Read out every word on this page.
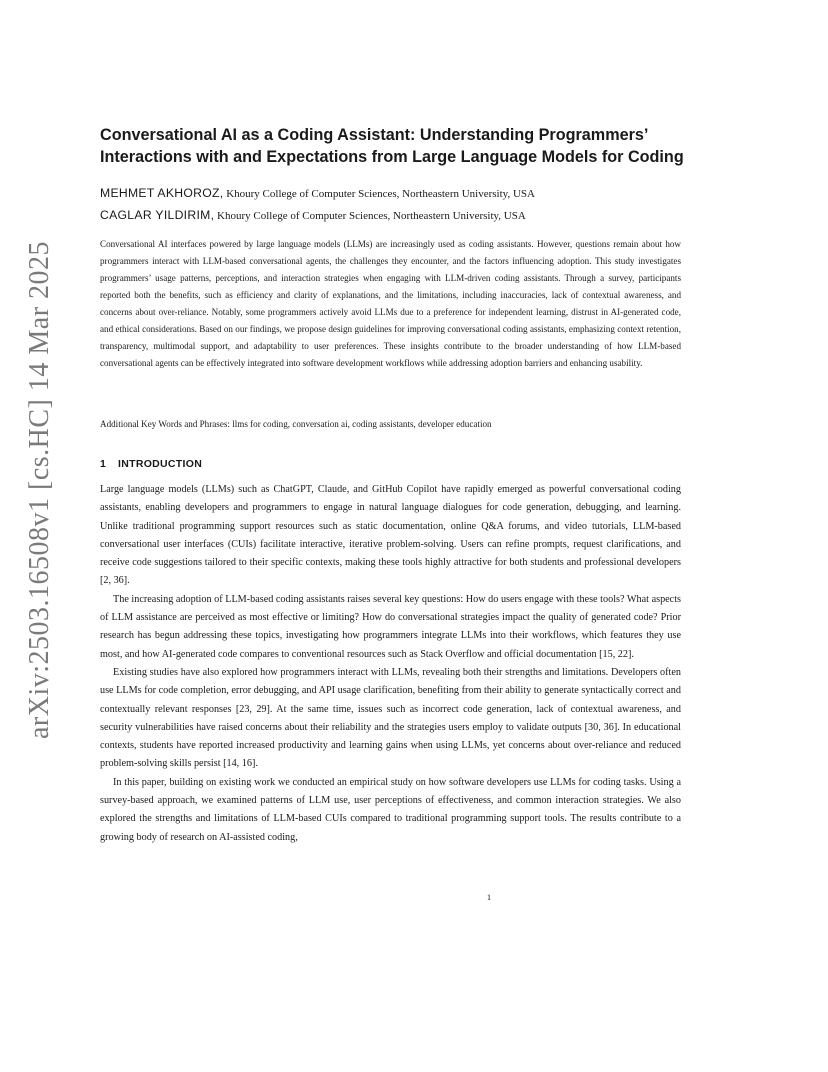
arXiv:2503.16508v1 [cs.HC] 14 Mar 2025
Conversational AI as a Coding Assistant: Understanding Programmers’ Interactions with and Expectations from Large Language Models for Coding
MEHMET AKHOROZ, Khoury College of Computer Sciences, Northeastern University, USA
CAGLAR YILDIRIM, Khoury College of Computer Sciences, Northeastern University, USA

Conversational AI interfaces powered by large language models (LLMs) are increasingly used as coding assistants. However, questions remain about how programmers interact with LLM-based conversational agents, the challenges they encounter, and the factors influencing adoption. This study investigates programmers’ usage patterns, perceptions, and interaction strategies when engaging with LLM-driven coding assistants. Through a survey, participants reported both the benefits, such as efficiency and clarity of explanations, and the limitations, including inaccuracies, lack of contextual awareness, and concerns about over-reliance. Notably, some programmers actively avoid LLMs due to a preference for independent learning, distrust in AI-generated code, and ethical considerations. Based on our findings, we propose design guidelines for improving conversational coding assistants, emphasizing context retention, transparency, multimodal support, and adaptability to user preferences. These insights contribute to the broader understanding of how LLM-based conversational agents can be effectively integrated into software development workflows while addressing adoption barriers and enhancing usability.

Additional Key Words and Phrases: llms for coding, conversation ai, coding assistants, developer education

1 INTRODUCTION

Large language models (LLMs) such as ChatGPT, Claude, and GitHub Copilot have rapidly emerged as powerful conversational coding assistants, enabling developers and programmers to engage in natural language dialogues for code generation, debugging, and learning. Unlike traditional programming support resources such as static documentation, online Q&A forums, and video tutorials, LLM-based conversational user interfaces (CUIs) facilitate interactive, iterative problem-solving. Users can refine prompts, request clarifications, and receive code suggestions tailored to their specific contexts, making these tools highly attractive for both students and professional developers [2, 36].

The increasing adoption of LLM-based coding assistants raises several key questions: How do users engage with these tools? What aspects of LLM assistance are perceived as most effective or limiting? How do conversational strategies impact the quality of generated code? Prior research has begun addressing these topics, investigating how programmers integrate LLMs into their workflows, which features they use most, and how AI-generated code compares to conventional resources such as Stack Overflow and official documentation [15, 22].

Existing studies have also explored how programmers interact with LLMs, revealing both their strengths and limitations. Developers often use LLMs for code completion, error debugging, and API usage clarification, benefiting from their ability to generate syntactically correct and contextually relevant responses [23, 29]. At the same time, issues such as incorrect code generation, lack of contextual awareness, and security vulnerabilities have raised concerns about their reliability and the strategies users employ to validate outputs [30, 36]. In educational contexts, students have reported increased productivity and learning gains when using LLMs, yet concerns about over-reliance and reduced problem-solving skills persist [14, 16].

In this paper, building on existing work we conducted an empirical study on how software developers use LLMs for coding tasks. Using a survey-based approach, we examined patterns of LLM use, user perceptions of effectiveness, and common interaction strategies. We also explored the strengths and limitations of LLM-based CUIs compared to traditional programming support tools. The results contribute to a growing body of research on AI-assisted coding,

1
